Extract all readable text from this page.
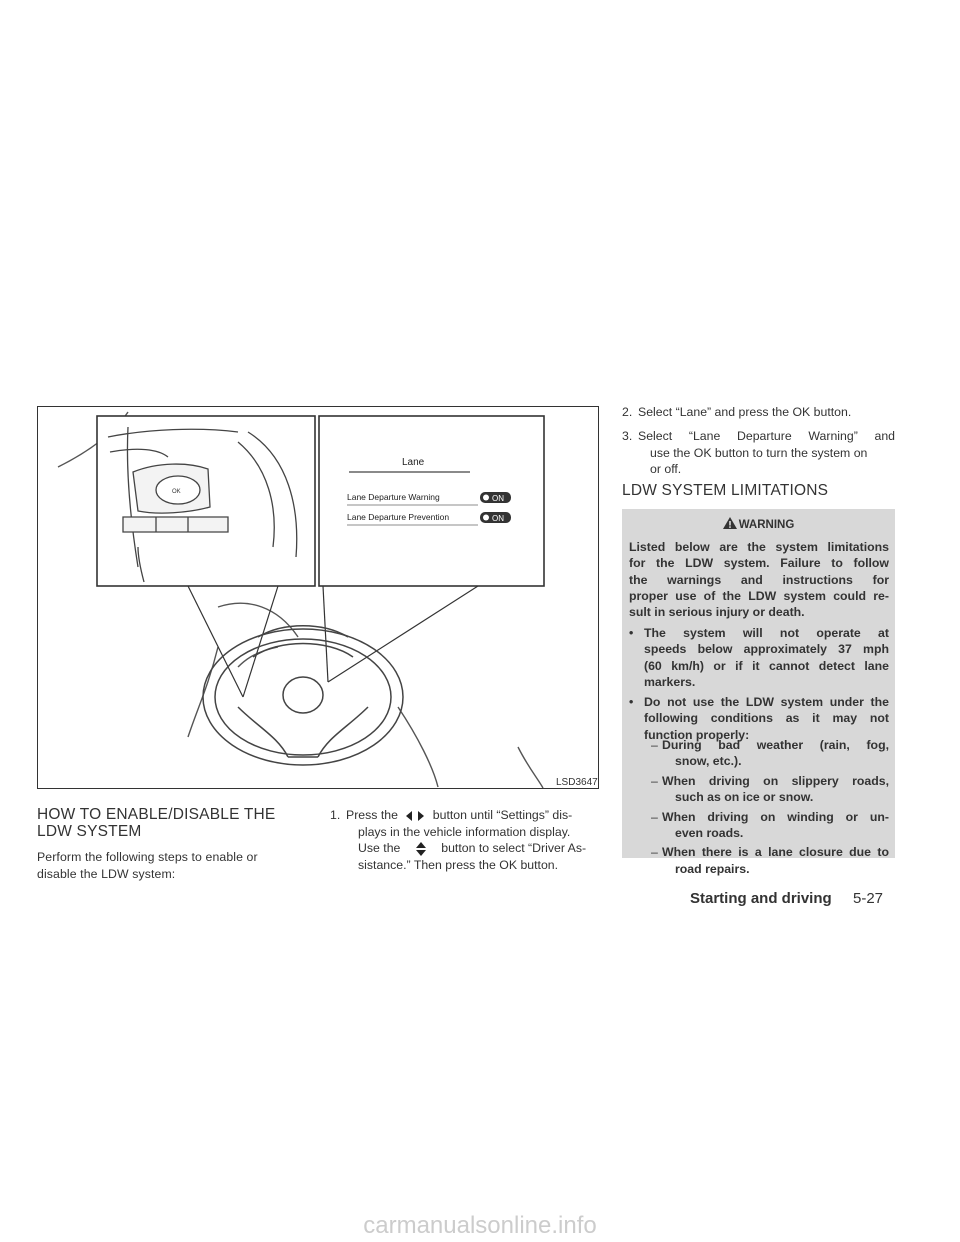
OK
Lane
Lane Departure Warning	ON
Lane Departure Prevention	ON
LSD3647
HOW TO ENABLE/DISABLE THE
LDW SYSTEM
Perform the following steps to enable or
disable the LDW system:
1. Press the	button until “Settings” dis-
plays in the vehicle information display.
Use the	button to select “Driver As-
sistance.” Then press the OK button.
2. Select “Lane” and press the OK button.
3. Select “Lane Departure Warning” and
use the OK button to turn the system on
or off.
LDW SYSTEM LIMITATIONS
WARNING
Listed below are the system limitations
for the LDW system. Failure to follow
the warnings and instructions for
proper use of the LDW system could re-
sult in serious injury or death.
• The system will not operate at
speeds below approximately 37 mph
(60 km/h) or if it cannot detect lane
markers.
• Do not use the LDW system under the
following conditions as it may not
function properly:
– During bad weather (rain, fog,
snow, etc.).
– When driving on slippery roads,
such as on ice or snow.
– When driving on winding or un-
even roads.
– When there is a lane closure due to
road repairs.
Starting and driving 5-27
carmanualsonline.info
